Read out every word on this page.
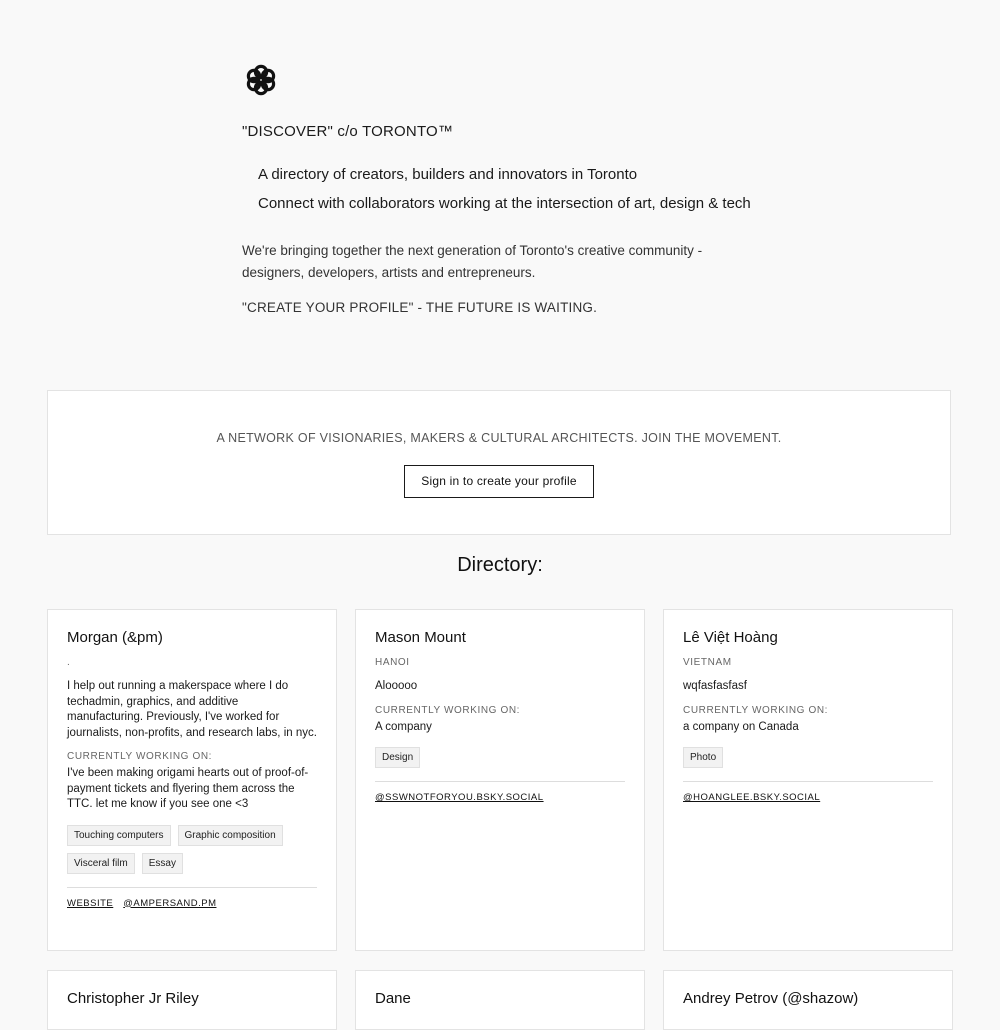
"DISCOVER" c/o TORONTO™
A directory of creators, builders and innovators in Toronto
Connect with collaborators working at the intersection of art, design & tech
We're bringing together the next generation of Toronto's creative community - designers, developers, artists and entrepreneurs.
"CREATE YOUR PROFILE" - THE FUTURE IS WAITING.
A NETWORK OF VISIONARIES, MAKERS & CULTURAL ARCHITECTS. JOIN THE MOVEMENT.
Sign in to create your profile
Directory:
Morgan (&pm)
.
I help out running a makerspace where I do techadmin, graphics, and additive manufacturing. Previously, I've worked for journalists, non-profits, and research labs, in nyc.
CURRENTLY WORKING ON:
I've been making origami hearts out of proof-of-payment tickets and flyering them across the TTC. let me know if you see one <3
Touching computers	Graphic composition
Visceral film	Essay
WEBSITE @AMPERSAND.PM
Mason Mount
HANOI
Alooooo
CURRENTLY WORKING ON:
A company
Design
@SSWNOTFORYOU.BSKY.SOCIAL
Lê Việt Hoàng
VIETNAM
wqfasfasfasf
CURRENTLY WORKING ON:
a company on Canada
Photo
@HOANGLEE.BSKY.SOCIAL
Christopher Jr Riley	Dane	Andrey Petrov (@shazow)
